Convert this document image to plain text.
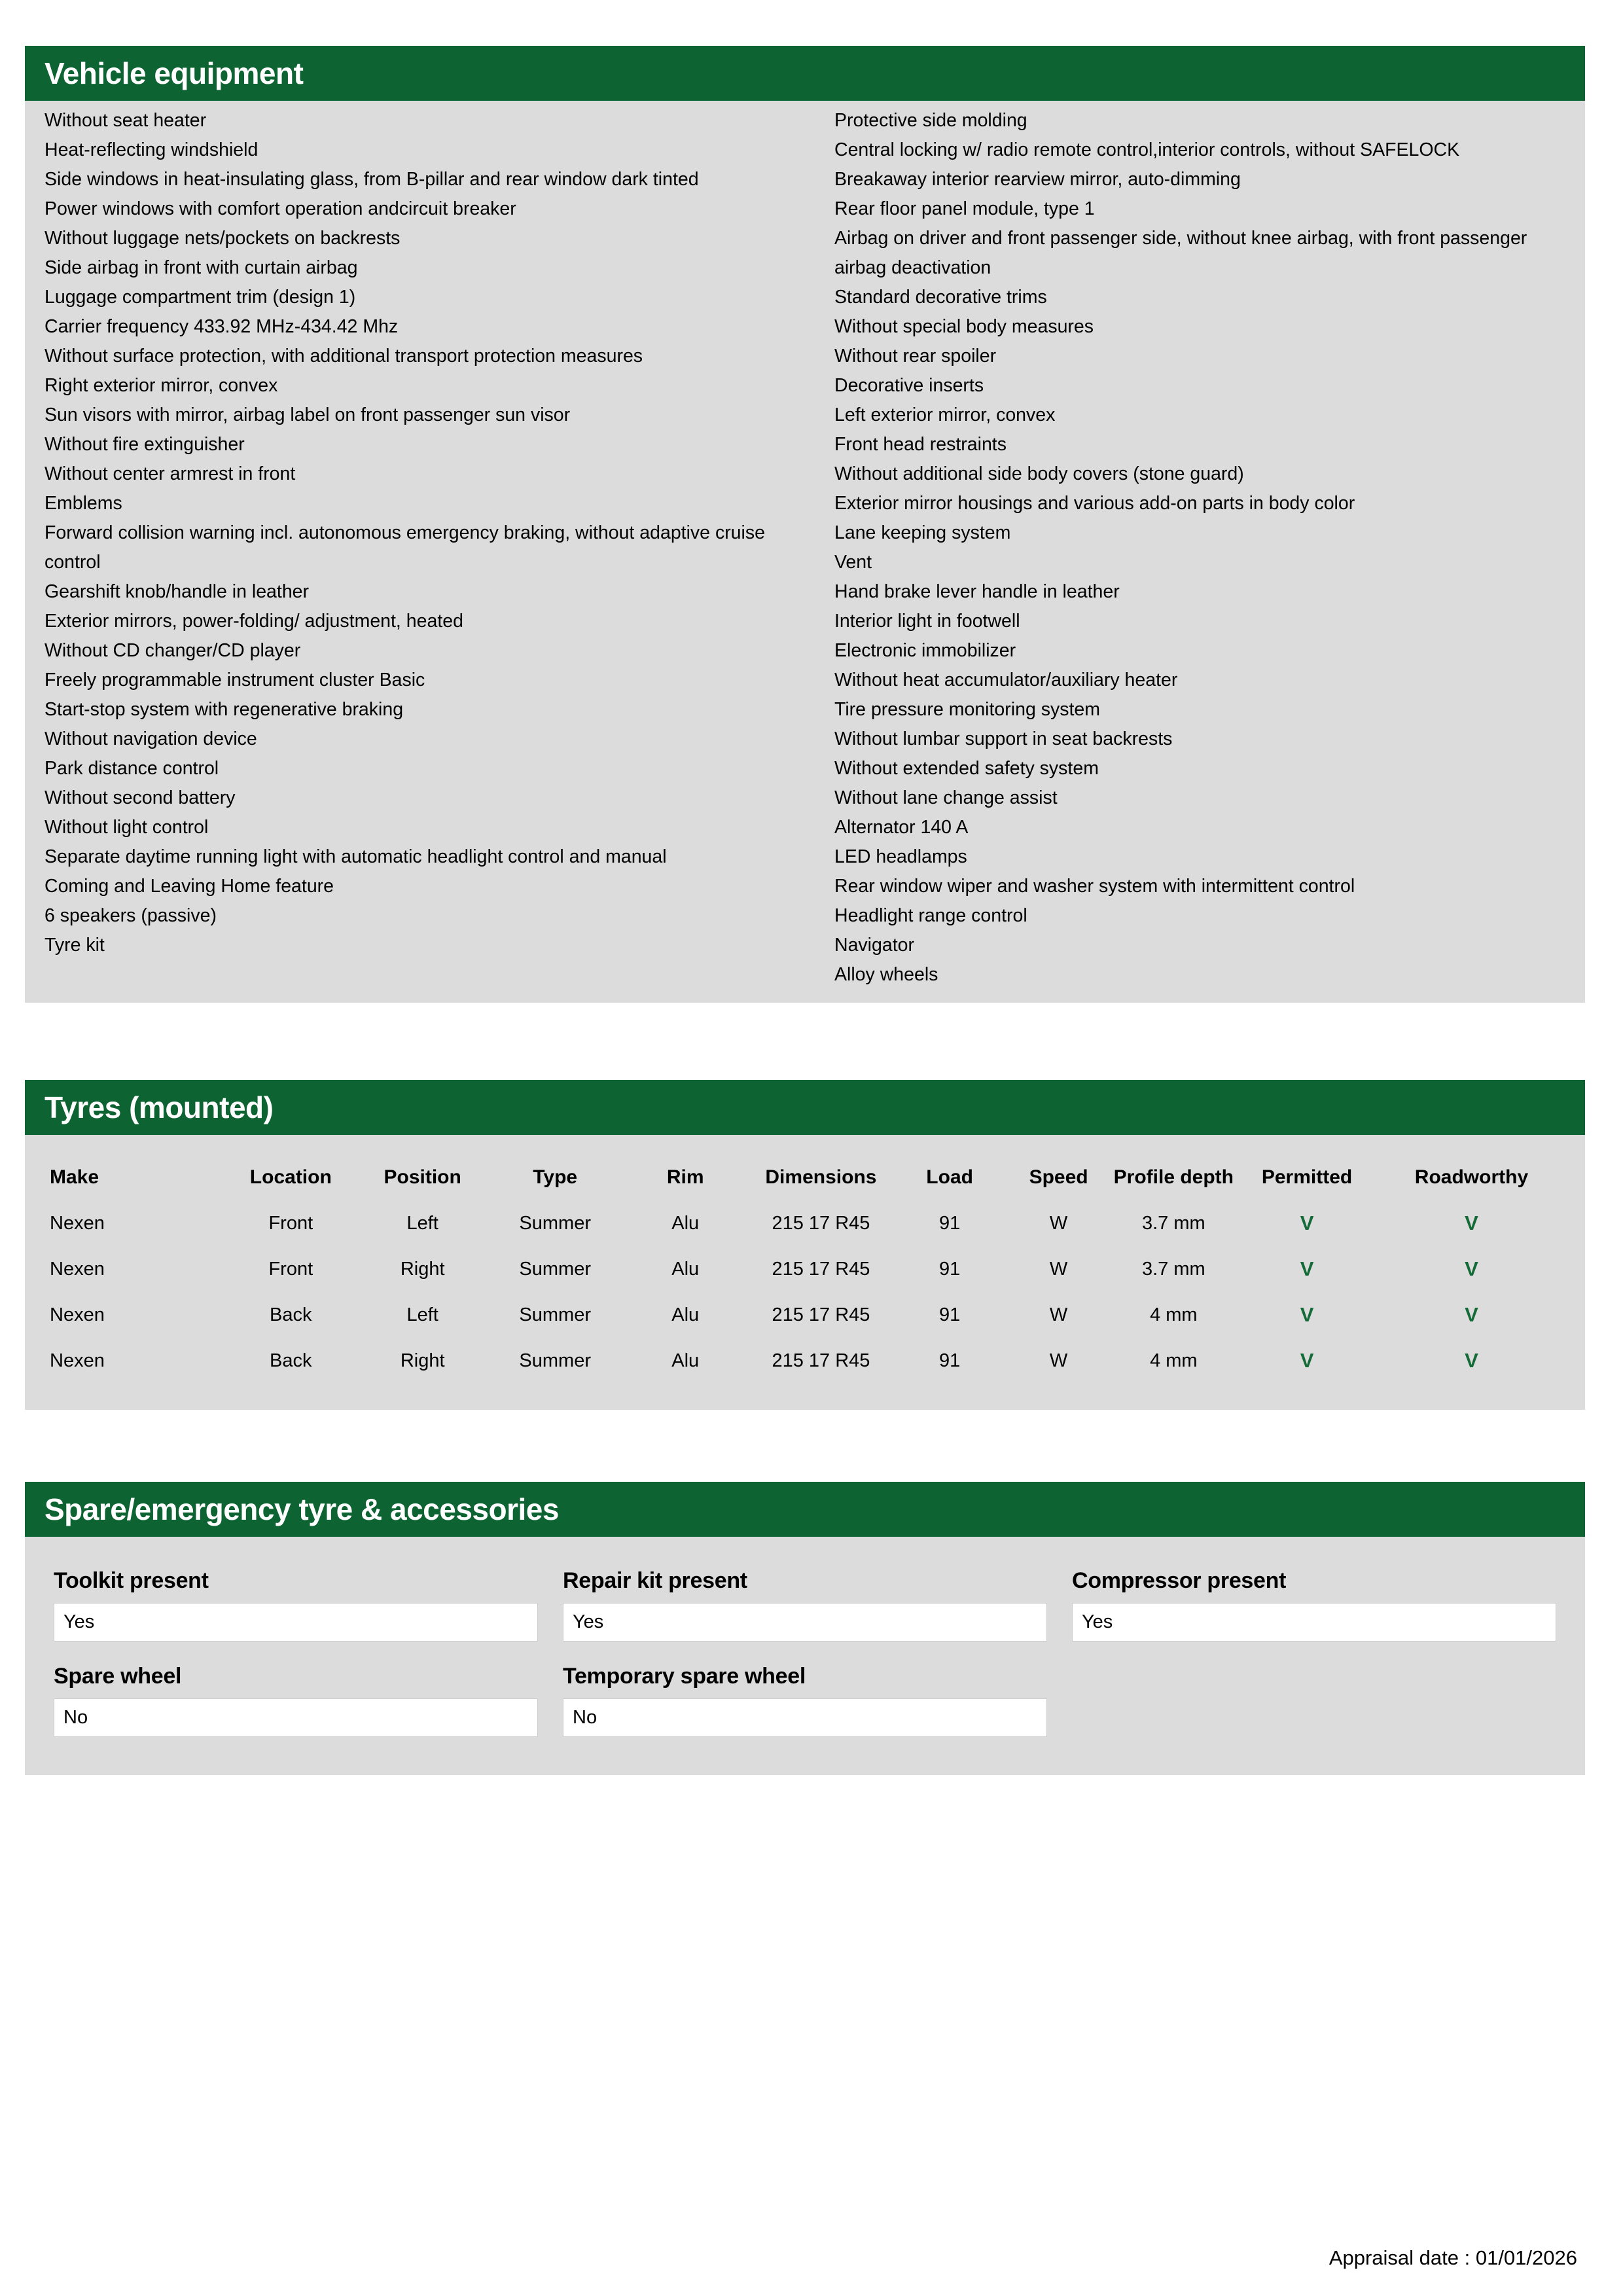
Vehicle equipment
Without seat heater
Heat-reflecting windshield
Side windows in heat-insulating glass, from B-pillar and rear window dark tinted
Power windows with comfort operation andcircuit breaker
Without luggage nets/pockets on backrests
Side airbag in front with curtain airbag
Luggage compartment trim (design 1)
Carrier frequency 433.92 MHz-434.42 Mhz
Without surface protection, with additional transport protection measures
Right exterior mirror, convex
Sun visors with mirror, airbag label on front passenger sun visor
Without fire extinguisher
Without center armrest in front
Emblems
Forward collision warning incl. autonomous emergency braking, without adaptive cruise control
Gearshift knob/handle in leather
Exterior mirrors, power-folding/ adjustment, heated
Without CD changer/CD player
Freely programmable instrument cluster Basic
Start-stop system with regenerative braking
Without navigation device
Park distance control
Without second battery
Without light control
Separate daytime running light with automatic headlight control and manual
Coming and Leaving Home feature
6 speakers (passive)
Tyre kit
Protective side molding
Central locking w/ radio remote control,interior controls, without SAFELOCK
Breakaway interior rearview mirror, auto-dimming
Rear floor panel module, type 1
Airbag on driver and front passenger side, without knee airbag, with front passenger airbag deactivation
Standard decorative trims
Without special body measures
Without rear spoiler
Decorative inserts
Left exterior mirror, convex
Front head restraints
Without additional side body covers (stone guard)
Exterior mirror housings and various add-on parts in body color
Lane keeping system
Vent
Hand brake lever handle in leather
Interior light in footwell
Electronic immobilizer
Without heat accumulator/auxiliary heater
Tire pressure monitoring system
Without lumbar support in seat backrests
Without extended safety system
Without lane change assist
Alternator 140 A
LED headlamps
Rear window wiper and washer system with intermittent control
Headlight range control
Navigator
Alloy wheels
Tyres (mounted)
Make	Location	Position	Type	Rim	Dimensions	Load	Speed	Profile depth	Permitted	Roadworthy
Nexen	Front	Left	Summer	Alu	215 17 R45	91	W	3.7 mm	V	V
Nexen	Front	Right	Summer	Alu	215 17 R45	91	W	3.7 mm	V	V
Nexen	Back	Left	Summer	Alu	215 17 R45	91	W	4 mm	V	V
Nexen	Back	Right	Summer	Alu	215 17 R45	91	W	4 mm	V	V
Spare/emergency tyre & accessories
Toolkit present
Yes
Repair kit present
Yes
Compressor present
Yes
Spare wheel
No
Temporary spare wheel
No
Appraisal date : 01/01/2026
